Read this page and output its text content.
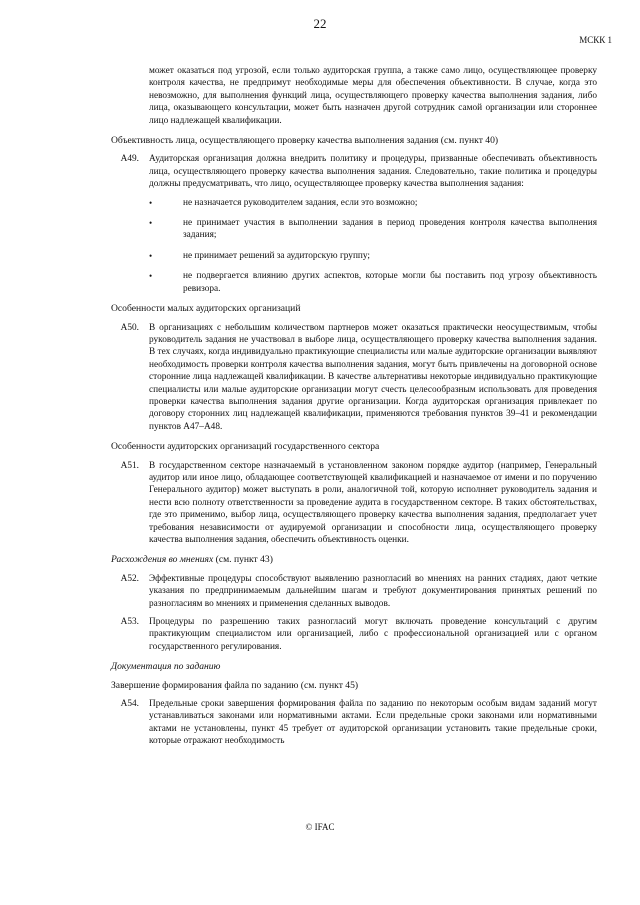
22
МСКК 1

может оказаться под угрозой, если только аудиторская группа, а также само лицо, осуществляющее проверку контроля качества, не предпримут необходимые меры для обеспечения объективности. В случае, когда это невозможно, для выполнения функций лица, осуществляющего проверку качества выполнения задания, либо лица, оказывающего консультации, может быть назначен другой сотрудник самой организации или стороннее лицо надлежащей квалификации.

Объективность лица, осуществляющего проверку качества выполнения задания (см. пункт 40)

A49.	Аудиторская организация должна внедрить политику и процедуры, призванные обеспечивать объективность лица, осуществляющего проверку качества выполнения задания. Следовательно, такие политика и процедуры должны предусматривать, что лицо, осуществляющее проверку качества выполнения задания:

•	не назначается руководителем задания, если это возможно;
•	не принимает участия в выполнении задания в период проведения контроля качества выполнения задания;
•	не принимает решений за аудиторскую группу;
•	не подвергается влиянию других аспектов, которые могли бы поставить под угрозу объективность ревизора.

Особенности малых аудиторских организаций

A50.	В организациях с небольшим количеством партнеров может оказаться практически неосуществимым, чтобы руководитель задания не участвовал в выборе лица, осуществляющего проверку качества выполнения задания. В тех случаях, когда индивидуально практикующие специалисты или малые аудиторские организации выявляют необходимость проверки контроля качества выполнения задания, могут быть привлечены на договорной основе сторонние лица надлежащей квалификации. В качестве альтернативы некоторые индивидуально практикующие специалисты или малые аудиторские организации могут счесть целесообразным использовать для проведения проверки качества выполнения задания другие организации. Когда аудиторская организация привлекает по договору сторонних лиц надлежащей квалификации, применяются требования пунктов 39–41 и рекомендации пунктов A47–A48.

Особенности аудиторских организаций государственного сектора

A51.	В государственном секторе назначаемый в установленном законом порядке аудитор (например, Генеральный аудитор или иное лицо, обладающее соответствующей квалификацией и назначаемое от имени и по поручению Генерального аудитор) может выступать в роли, аналогичной той, которую исполняет руководитель задания и нести всю полноту ответственности за проведение аудита в государственном секторе. В таких обстоятельствах, где это применимо, выбор лица, осуществляющего проверку качества выполнения задания, предполагает учет требования независимости от аудируемой организации и способности лица, осуществляющего проверку качества выполнения задания, обеспечить объективность оценки.

Расхождения во мнениях (см. пункт 43)

A52.	Эффективные процедуры способствуют выявлению разногласий во мнениях на ранних стадиях, дают четкие указания по предпринимаемым дальнейшим шагам и требуют документирования принятых решений по разногласиям во мнениях и применения сделанных выводов.

A53.	Процедуры по разрешению таких разногласий могут включать проведение консультаций с другим практикующим специалистом или организацией, либо с профессиональной организацией или с органом государственного регулирования.

Документация по заданию

Завершение формирования файла по заданию (см. пункт 45)

A54.	Предельные сроки завершения формирования файла по заданию по некоторым особым видам заданий могут устанавливаться законами или нормативными актами. Если предельные сроки законами или нормативными актами не установлены, пункт 45 требует от аудиторской организации установить такие предельные сроки, которые отражают необходимость

© IFAC
